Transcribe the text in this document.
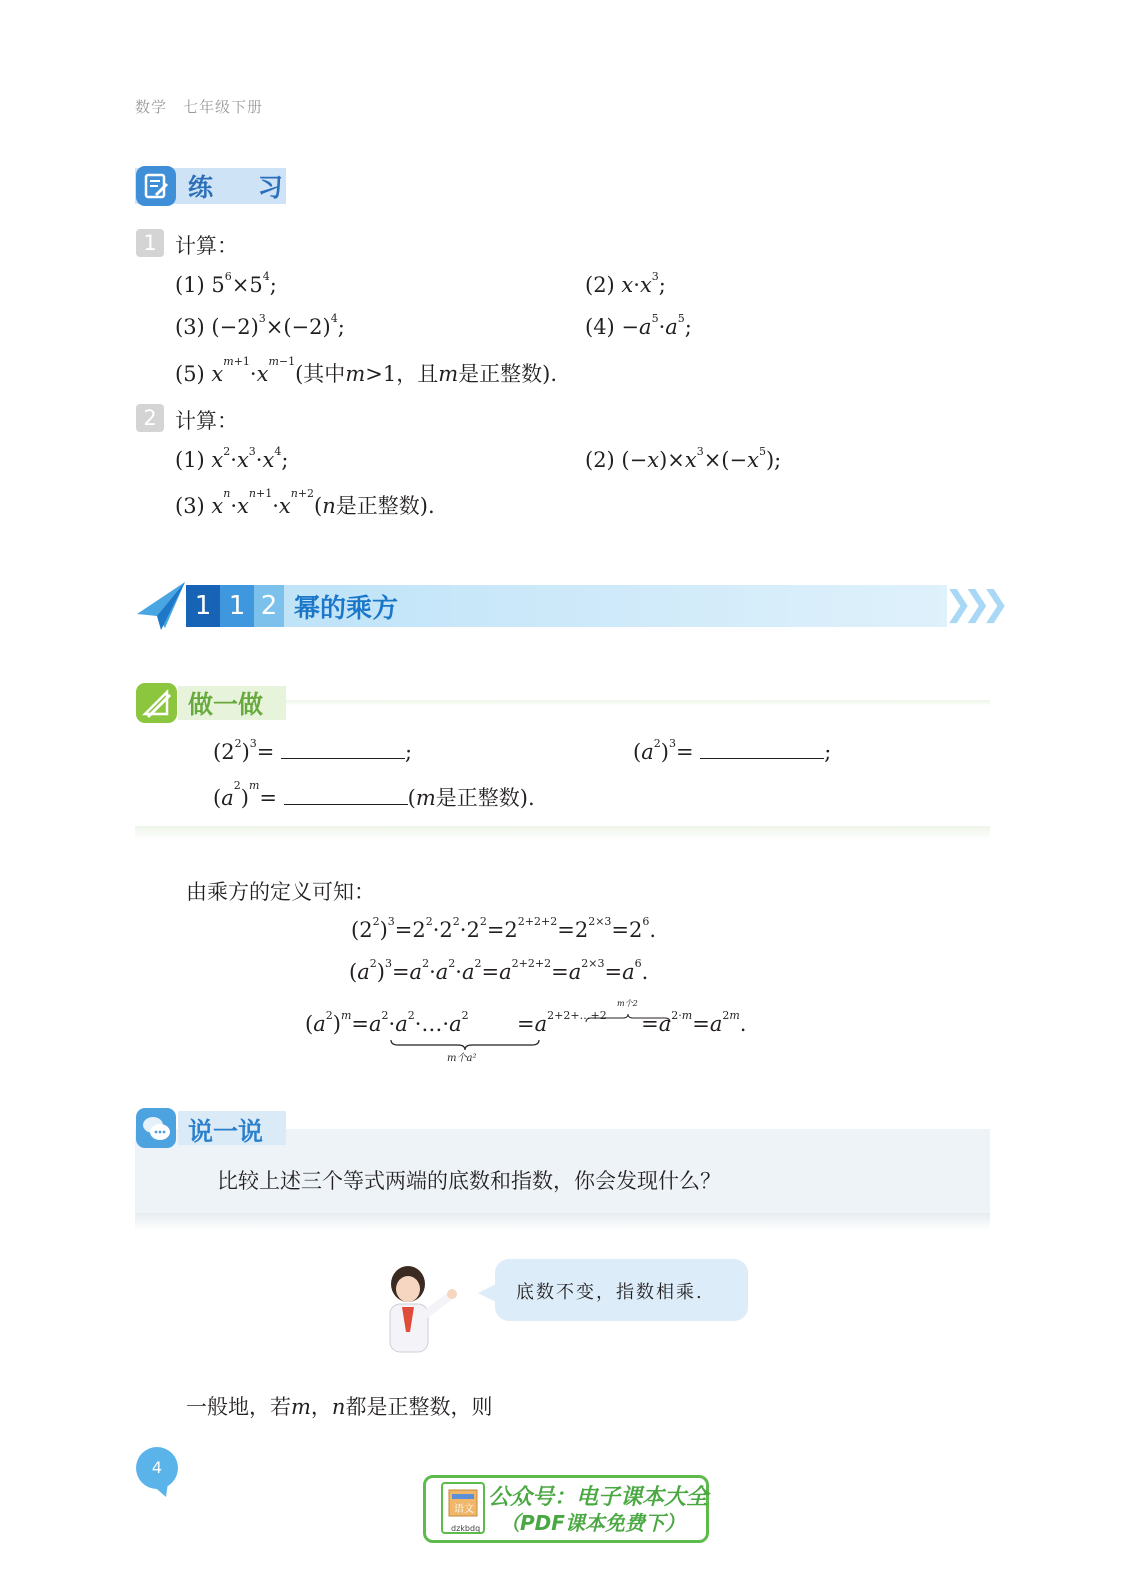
数学 七年级下册
练 习
1 计算：
(1) $5^6\times 5^4$;	(2) $x\cdot x^3$;
(3) $(-2)^3\times(-2)^4$;	$(4) -a^5\cdot a^5$;
(5) $x^{m+1}\cdot x^{m-1}$(其中m>1，且m是正整数).
2 计算：
(1) $x^2\cdot x^3\cdot x^4$;	(2) $(-x)\times x^3\times(-x^5)$;
(3) $x^n\cdot x^{n+1}\cdot x^{n+2}(n$是正整数).
1 1 2 幂的乘方	❯❯❯
做一做
$(2^2)^3=$	;	$(a^2)^3=$	;
$(a^2)^m=$	(m是正整数).
由乘方的定义可知：
$(2^2)^3=2^2\cdot 2^2\cdot 2^2=2^{2+2+2}=2^{2\times 3}=2^6$.
$(a^2)^3=a^2\cdot a^2\cdot a^2=a^{2+2+2}=a^{2\times 3}=a^6$.
$(a^2)^m=a^2\cdot a^2\cdot\dots\cdot a^2 =a^{2+2+\dots+2} =a^{2\cdot m}=a^{2m}$.
m个a²
m个2
说一说
比较上述三个等式两端的底数和指数，你会发现什么？
底数不变，指数相乘.
一般地，若m，n都是正整数，则
4
语文 公众号：电子课本大全
（PDF课本免费下）
dzkbdq
